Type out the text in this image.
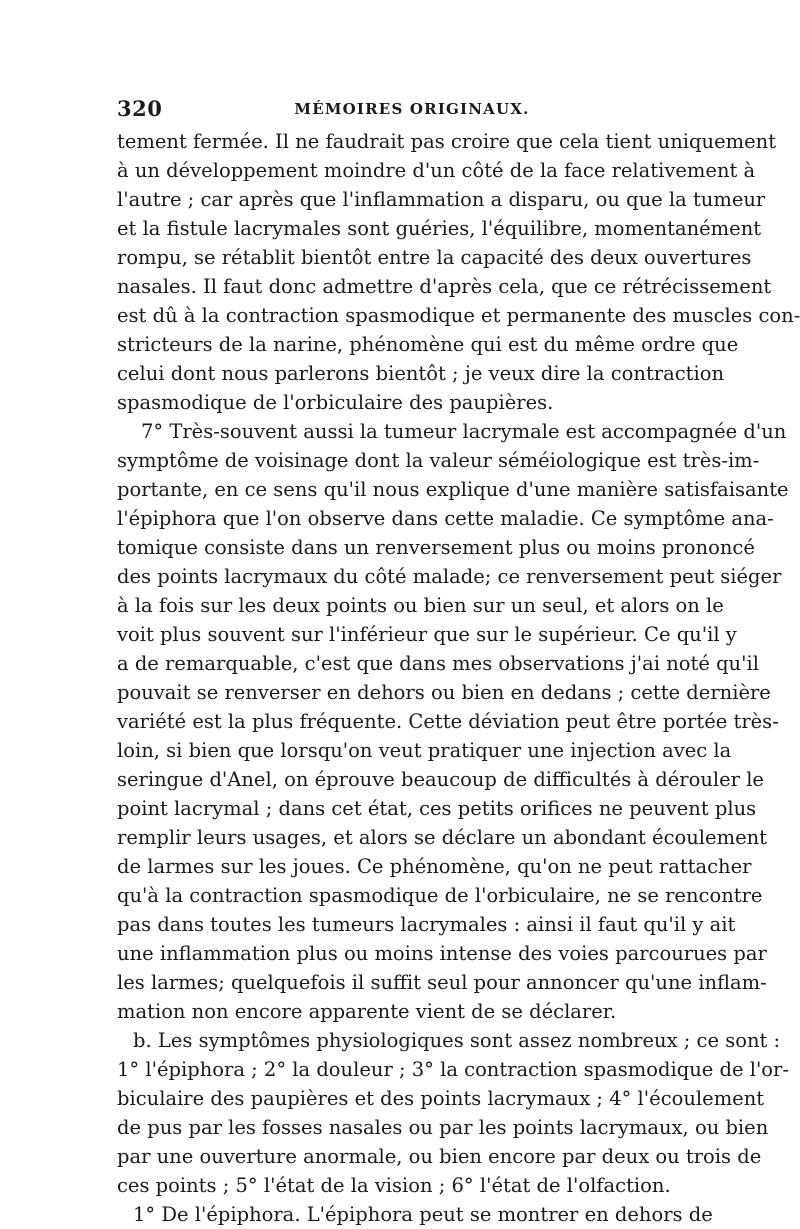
320	MÉMOIRES ORIGINAUX.
tement fermée. Il ne faudrait pas croire que cela tient uniquement
à un développement moindre d'un côté de la face relativement à
l'autre ; car après que l'inflammation a disparu, ou que la tumeur
et la fistule lacrymales sont guéries, l'équilibre, momentanément
rompu, se rétablit bientôt entre la capacité des deux ouvertures
nasales. Il faut donc admettre d'après cela, que ce rétrécissement
est dû à la contraction spasmodique et permanente des muscles con-
stricteurs de la narine, phénomène qui est du même ordre que
celui dont nous parlerons bientôt ; je veux dire la contraction
spasmodique de l'orbiculaire des paupières.
7° Très-souvent aussi la tumeur lacrymale est accompagnée d'un
symptôme de voisinage dont la valeur séméiologique est très-im-
portante, en ce sens qu'il nous explique d'une manière satisfaisante
l'épiphora que l'on observe dans cette maladie. Ce symptôme ana-
tomique consiste dans un renversement plus ou moins prononcé
des points lacrymaux du côté malade; ce renversement peut siéger
à la fois sur les deux points ou bien sur un seul, et alors on le
voit plus souvent sur l'inférieur que sur le supérieur. Ce qu'il y
a de remarquable, c'est que dans mes observations j'ai noté qu'il
pouvait se renverser en dehors ou bien en dedans ; cette dernière
variété est la plus fréquente. Cette déviation peut être portée très-
loin, si bien que lorsqu'on veut pratiquer une injection avec la
seringue d'Anel, on éprouve beaucoup de difficultés à dérouler le
point lacrymal ; dans cet état, ces petits orifices ne peuvent plus
remplir leurs usages, et alors se déclare un abondant écoulement
de larmes sur les joues. Ce phénomène, qu'on ne peut rattacher
qu'à la contraction spasmodique de l'orbiculaire, ne se rencontre
pas dans toutes les tumeurs lacrymales : ainsi il faut qu'il y ait
une inflammation plus ou moins intense des voies parcourues par
les larmes; quelquefois il suffit seul pour annoncer qu'une inflam-
mation non encore apparente vient de se déclarer.
b. Les symptômes physiologiques sont assez nombreux ; ce sont :
1° l'épiphora ; 2° la douleur ; 3° la contraction spasmodique de l'or-
biculaire des paupières et des points lacrymaux ; 4° l'écoulement
de pus par les fosses nasales ou par les points lacrymaux, ou bien
par une ouverture anormale, ou bien encore par deux ou trois de
ces points ; 5° l'état de la vision ; 6° l'état de l'olfaction.
1° De l'épiphora. L'épiphora peut se montrer en dehors de
